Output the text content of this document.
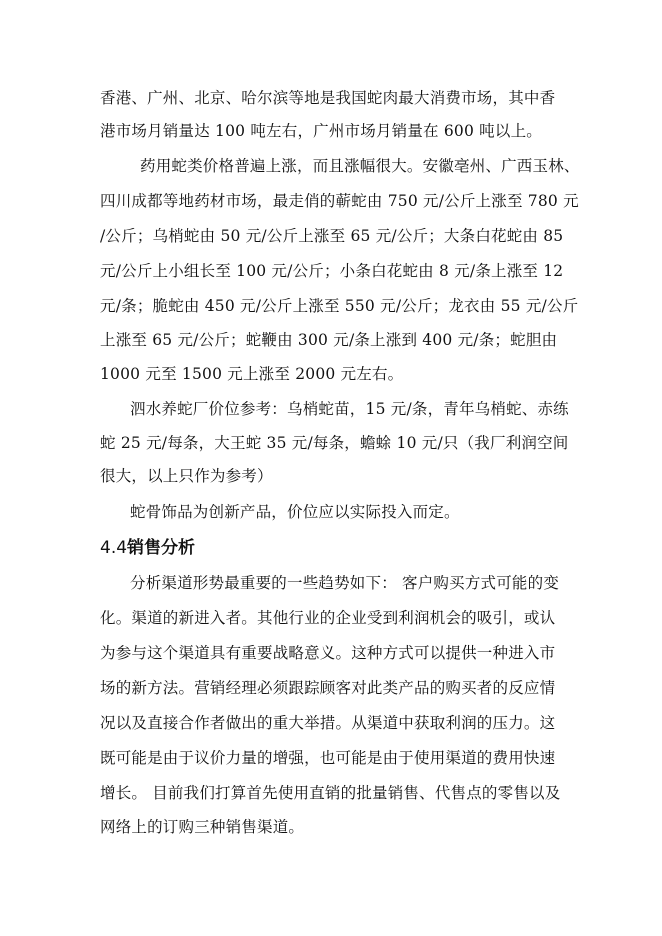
香港、广州、北京、哈尔滨等地是我国蛇肉最大消费市场，其中香
港市场月销量达 100 吨左右，广州市场月销量在 600 吨以上。
药用蛇类价格普遍上涨，而且涨幅很大。安徽亳州、广西玉林、
四川成都等地药材市场，最走俏的蕲蛇由 750 元/公斤上涨至 780 元
/公斤；乌梢蛇由 50 元/公斤上涨至 65 元/公斤；大条白花蛇由 85
元/公斤上小组长至 100 元/公斤；小条白花蛇由 8 元/条上涨至 12
元/条；脆蛇由 450 元/公斤上涨至 550 元/公斤；龙衣由 55 元/公斤
上涨至 65 元/公斤；蛇鞭由 300 元/条上涨到 400 元/条；蛇胆由
1000 元至 1500 元上涨至 2000 元左右。
泗水养蛇厂价位参考：乌梢蛇苗，15 元/条，青年乌梢蛇、赤练
蛇 25 元/每条，大王蛇 35 元/每条，蟾蜍 10 元/只（我厂利润空间
很大，以上只作为参考）
蛇骨饰品为创新产品，价位应以实际投入而定。
4.4销售分析
分析渠道形势最重要的一些趋势如下： 客户购买方式可能的变
化。渠道的新进入者。其他行业的企业受到利润机会的吸引，或认
为参与这个渠道具有重要战略意义。这种方式可以提供一种进入市
场的新方法。营销经理必须跟踪顾客对此类产品的购买者的反应情
况以及直接合作者做出的重大举措。从渠道中获取利润的压力。这
既可能是由于议价力量的增强，也可能是由于使用渠道的费用快速
增长。 目前我们打算首先使用直销的批量销售、代售点的零售以及
网络上的订购三种销售渠道。
